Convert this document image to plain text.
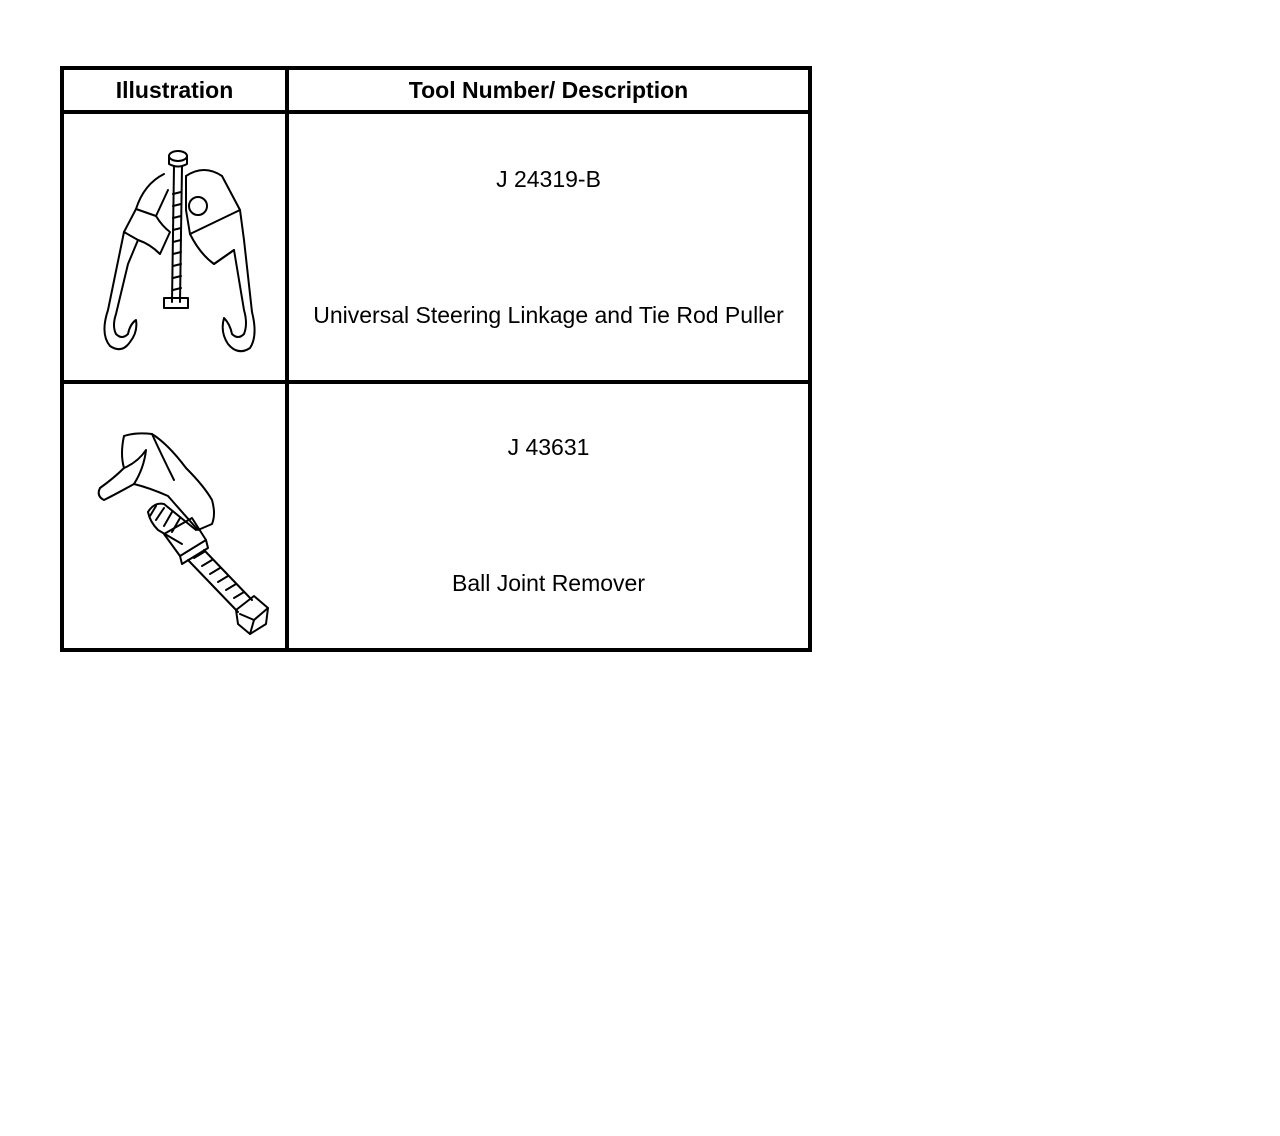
Illustration	Tool Number/ Description
J 24319-B
Universal Steering Linkage and Tie Rod Puller
J 43631
Ball Joint Remover
